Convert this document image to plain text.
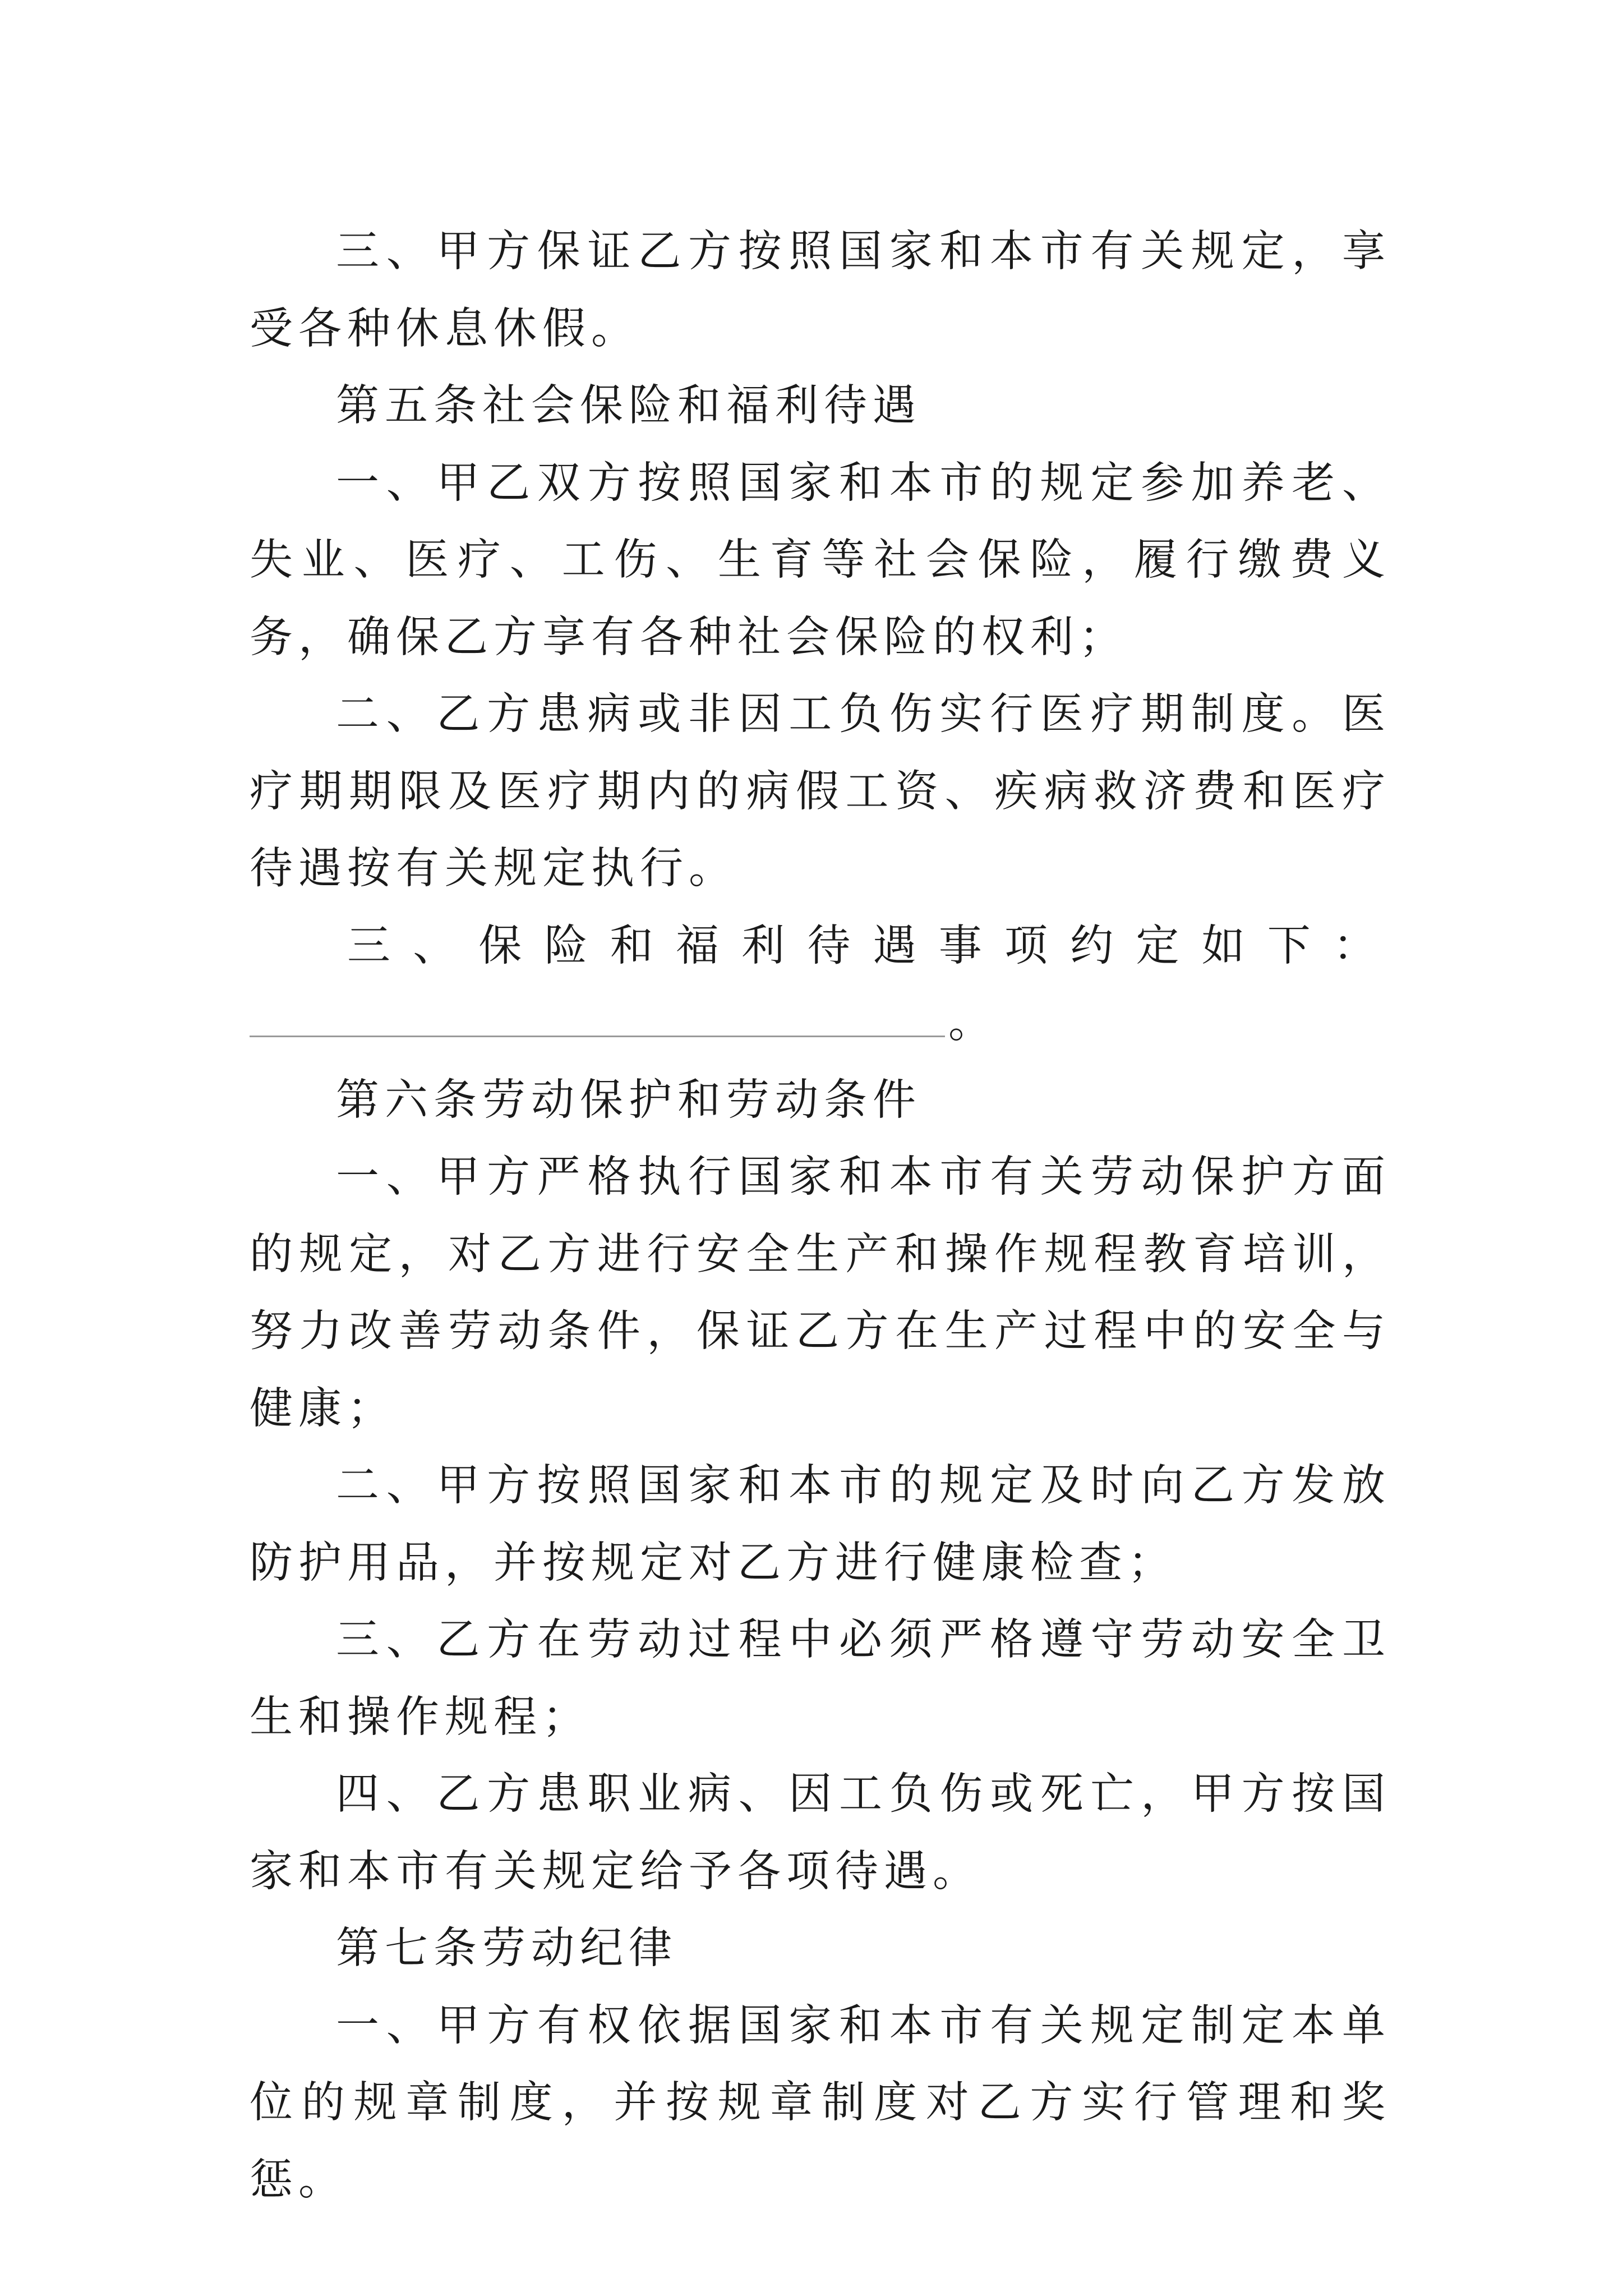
三、甲方保证乙方按照国家和本市有关规定，享受各种休息休假。

第五条社会保险和福利待遇

一、甲乙双方按照国家和本市的规定参加养老、失业、医疗、工伤、生育等社会保险，履行缴费义务，确保乙方享有各种社会保险的权利；

二、乙方患病或非因工负伤实行医疗期制度。医疗期期限及医疗期内的病假工资、疾病救济费和医疗待遇按有关规定执行。

三、保险和福利待遇事项约定如下：

。

第六条劳动保护和劳动条件

一、甲方严格执行国家和本市有关劳动保护方面的规定，对乙方进行安全生产和操作规程教育培训，努力改善劳动条件，保证乙方在生产过程中的安全与健康；

二、甲方按照国家和本市的规定及时向乙方发放防护用品，并按规定对乙方进行健康检查；

三、乙方在劳动过程中必须严格遵守劳动安全卫生和操作规程；

四、乙方患职业病、因工负伤或死亡，甲方按国家和本市有关规定给予各项待遇。

第七条劳动纪律

一、甲方有权依据国家和本市有关规定制定本单位的规章制度，并按规章制度对乙方实行管理和奖惩。
